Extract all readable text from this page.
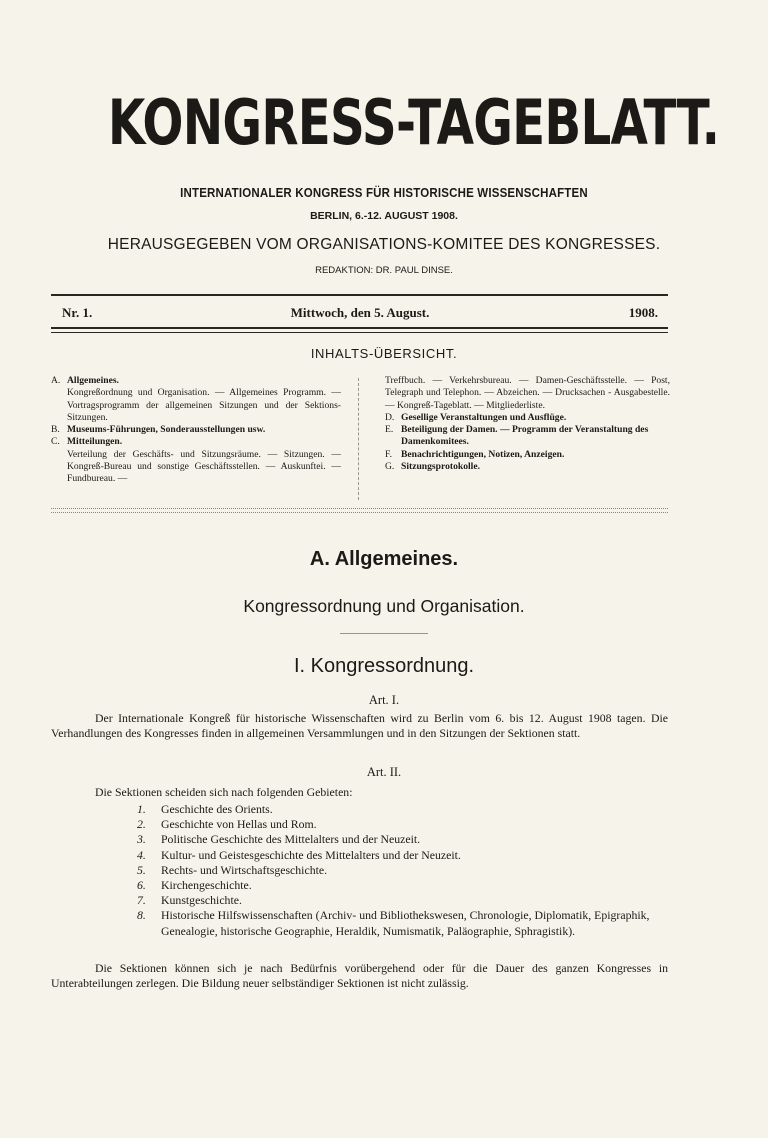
KONGRESS-TAGEBLATT.
INTERNATIONALER KONGRESS FÜR HISTORISCHE WISSENSCHAFTEN
BERLIN, 6.-12. AUGUST 1908.
HERAUSGEGEBEN VOM ORGANISATIONS-KOMITEE DES KONGRESSES.
REDAKTION: DR. PAUL DINSE.
Nr. 1.	Mittwoch, den 5. August.	1908.
INHALTS-ÜBERSICHT.
A. Allgemeines.
Kongreßordnung und Organisation. — Allgemeines Programm. — Vortragsprogramm der allgemeinen Sitzungen und der Sektions-Sitzungen.
B. Museums-Führungen, Sonderausstellungen usw.
C. Mitteilungen.
Verteilung der Geschäfts- und Sitzungsräume. — Sitzungen. — Kongreß-Bureau und sonstige Geschäftsstellen. — Auskunftei. — Fundbureau. —
Treffbuch. — Verkehrsbureau. — Damen-Geschäftsstelle. — Post, Telegraph und Telephon. — Abzeichen. — Drucksachen - Ausgabestelle. — Kongreß-Tageblatt. — Mitgliederliste.
D. Gesellige Veranstaltungen und Ausflüge.
E. Beteiligung der Damen. — Programm der Veranstaltung des Damenkomitees.
F. Benachrichtigungen, Notizen, Anzeigen.
G. Sitzungsprotokolle.
A. Allgemeines.
Kongressordnung und Organisation.
I. Kongressordnung.
Art. I.
Der Internationale Kongreß für historische Wissenschaften wird zu Berlin vom 6. bis 12. August 1908 tagen. Die Verhandlungen des Kongresses finden in allgemeinen Versammlungen und in den Sitzungen der Sektionen statt.
Art. II.
Die Sektionen scheiden sich nach folgenden Gebieten:
1. Geschichte des Orients.
2. Geschichte von Hellas und Rom.
3. Politische Geschichte des Mittelalters und der Neuzeit.
4. Kultur- und Geistesgeschichte des Mittelalters und der Neuzeit.
5. Rechts- und Wirtschaftsgeschichte.
6. Kirchengeschichte.
7. Kunstgeschichte.
8. Historische Hilfswissenschaften (Archiv- und Bibliothekswesen, Chronologie, Diplomatik, Epigraphik, Genealogie, historische Geographie, Heraldik, Numismatik, Paläographie, Sphragistik).
Die Sektionen können sich je nach Bedürfnis vorübergehend oder für die Dauer des ganzen Kongresses in Unterabteilungen zerlegen. Die Bildung neuer selbständiger Sektionen ist nicht zulässig.
